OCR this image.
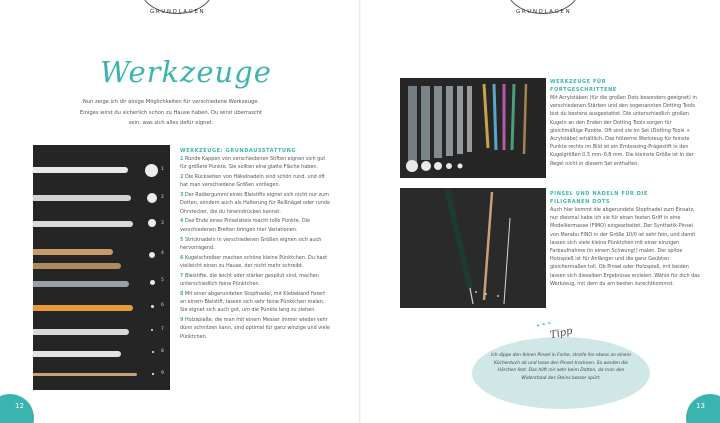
GRUNDLAGEN
Werkzeuge
Nun zeige ich dir einige Möglichkeiten für verschiedene Werkzeuge. Einiges wirst du sicherlich schon zu Hause haben. Du wirst überrascht sein, was sich alles dafür eignet.
1
2
3
4
5
6
7
8
9
WERKZEUGE: GRUNDAUSSTATTUNG
1 Runde Kappen von verschiedenen Stiften eignen sich gut für größere Punkte. Sie sollten eine glatte Fläche haben.
2 Die Rückseiten von Häkelnadeln sind schön rund, und oft hat man verschiedene Größen vorliegen.
3 Der Radiergummi eines Bleistifts eignet sich nicht nur zum Dotten, sondern auch als Halterung für Reißnägel oder runde Ohrstecker, die du hineindrücken kannst.
4 Das Ende eines Pinselstiels macht tolle Punkte. Die verschiedenen Breiten bringen hier Variationen.
5 Stricknadeln in verschiedenen Größen eignen sich auch hervorragend.
6 Kugelschreiber machen schöne kleine Pünktchen. Du hast vielleicht einen zu Hause, der nicht mehr schreibt.
7 Bleistifte, die leicht oder stärker gespitzt sind, machen unterschiedlich feine Pünktchen.
8 Mit einer abgerundeten Stopfnadel, mit Klebeband fixiert an einem Bleistift, lassen sich sehr feine Pünktchen malen. Sie eignet sich auch gut, um die Punkte lang zu ziehen.
9 Holzspieße, die man mit einem Messer immer wieder sehr dünn schnitzen kann, sind optimal für ganz winzige und viele Pünktchen.
12
GRUNDLAGEN
WERKZEUGE FÜR FORTGESCHRITTENE
Mit Acrylstäben (für die großen Dots besonders geeignet) in verschiedenen Stärken und den sogenannten Dotting Tools bist du bestens ausgestattet. Die unterschiedlich großen Kugeln an den Enden der Dotting Tools sorgen für gleichmäßige Punkte. Oft sind sie im Set (Dotting Tools + Acrylstäbe) erhältlich. Das hölzerne Werkzeug für feinste Punkte rechts im Bild ist ein Embossing-Prägestift in den Kugelgrößen 0,5 mm–0,8 mm. Die kleinste Größe ist in der Regel nicht in diesem Set enthalten.
PINSEL UND NADELN FÜR DIE FILIGRANEN DOTS
Auch hier kommt die abgerundete Stopfnadel zum Einsatz, nur diesmal habe ich sie für einen festen Griff in eine Modelliermasse (FIMO) eingearbeitet. Der Synthetik-Pinsel von Marabu FINO in der Größe 10/0 ist sehr fein, und damit lassen sich viele kleine Pünktchen mit einer einzigen Farbaufnahme (in einem Schwung!) malen. Der spitze Holzspieß ist für Anfänger und die ganz Geübten gleichermaßen toll. Ob Pinsel oder Holzspieß, mit beiden lassen sich dieselben Ergebnisse erzielen. Wähle für dich das Werkzeug, mit dem du am besten zurechtkommst.
✶ ✶ ✶
Tipp
Ich dippe den feinen Pinsel in Farbe, streife ihn etwas an einem Küchentuch ab und lasse den Pinsel trocknen. So werden die Härchen fest. Das hilft mir sehr beim Dotten, da man den Widerstand des Steins besser spürt.
13
